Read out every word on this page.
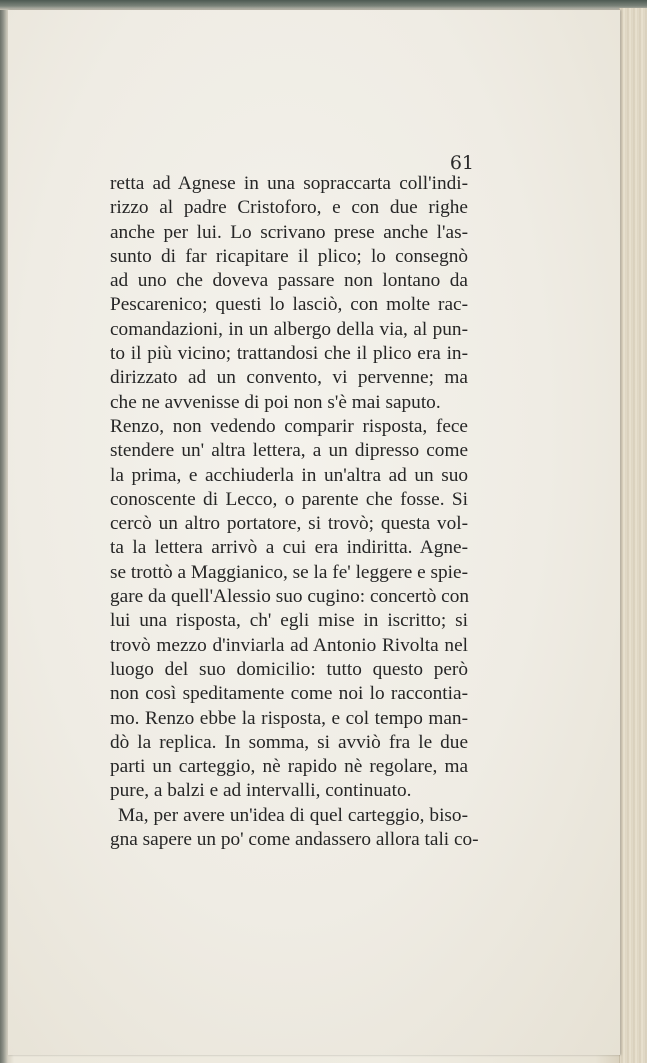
61
retta ad Agnese in una sopraccarta coll'indi-
rizzo al padre Cristoforo, e con due righe
anche per lui. Lo scrivano prese anche l'as-
sunto di far ricapitare il plico; lo consegnò
ad uno che doveva passare non lontano da
Pescarenico; questi lo lasciò, con molte rac-
comandazioni, in un albergo della via, al pun-
to il più vicino; trattandosi che il plico era in-
dirizzato ad un convento, vi pervenne; ma
che ne avvenisse di poi non s'è mai saputo.
Renzo, non vedendo comparir risposta, fece
stendere un' altra lettera, a un dipresso come
la prima, e acchiuderla in un'altra ad un suo
conoscente di Lecco, o parente che fosse. Si
cercò un altro portatore, si trovò; questa vol-
ta la lettera arrivò a cui era indiritta. Agne-
se trottò a Maggianico, se la fe' leggere e spie-
gare da quell'Alessio suo cugino: concertò con
lui una risposta, ch' egli mise in iscritto; si
trovò mezzo d'inviarla ad Antonio Rivolta nel
luogo del suo domicilio: tutto questo però
non così speditamente come noi lo raccontia-
mo. Renzo ebbe la risposta, e col tempo man-
dò la replica. In somma, si avviò fra le due
parti un carteggio, nè rapido nè regolare, ma
pure, a balzi e ad intervalli, continuato.
Ma, per avere un'idea di quel carteggio, biso-
gna sapere un po' come andassero allora tali co-
